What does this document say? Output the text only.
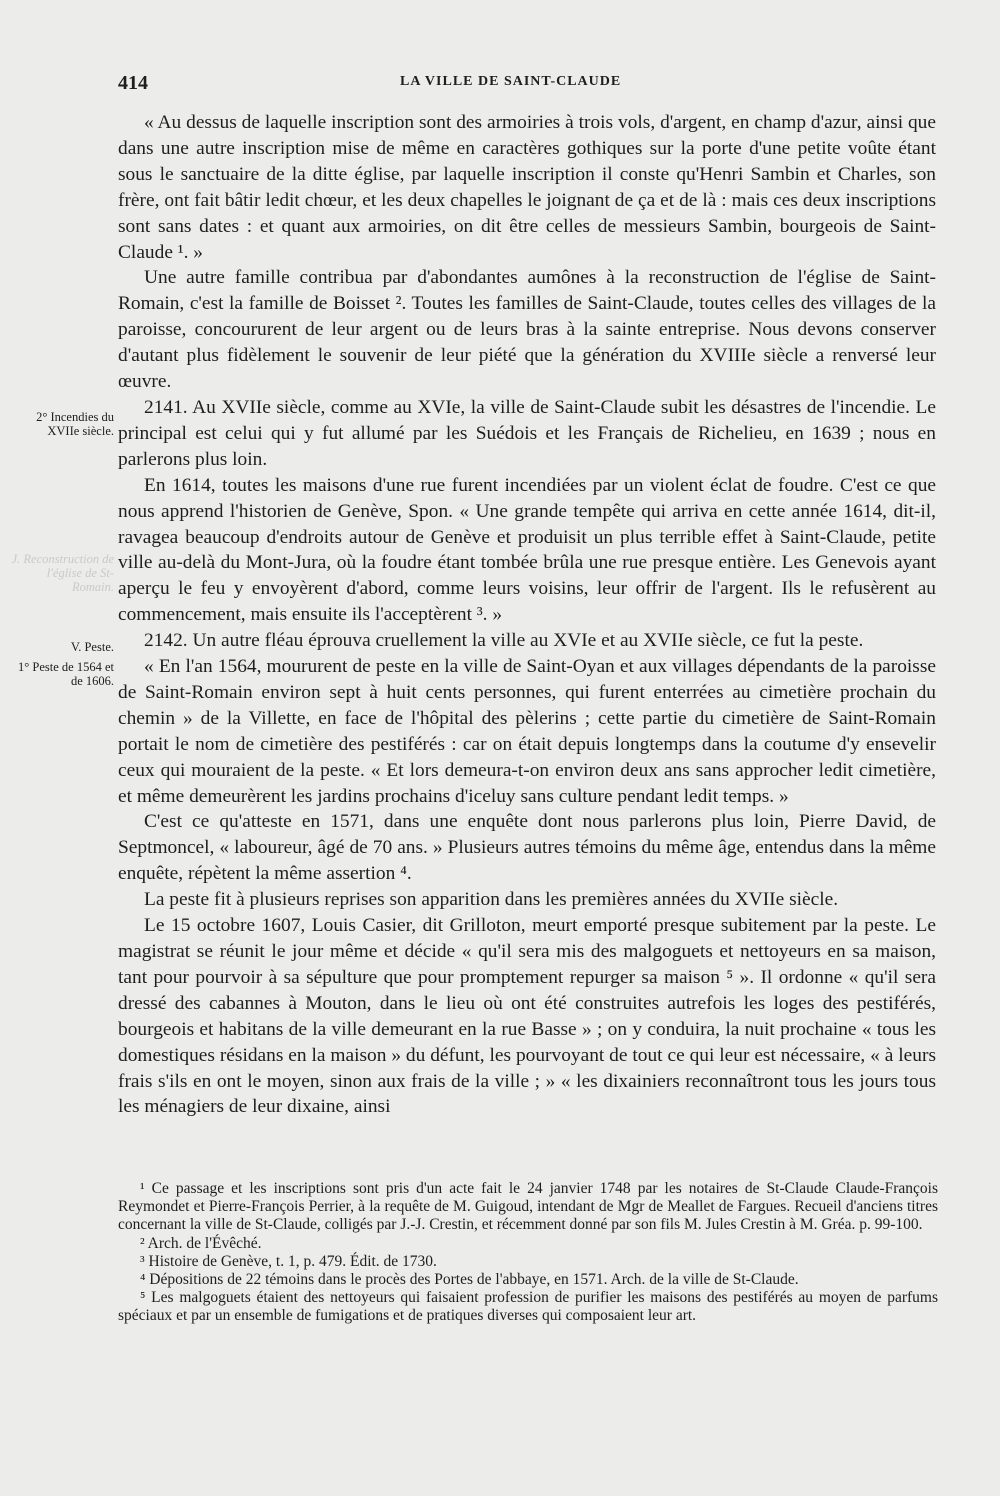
414	LA VILLE DE SAINT-CLAUDE
2° Incendies du XVIIe siècle.
J. Reconstruction de l'église de St-Romain.
V. Peste.
1° Peste de 1564 et de 1606.

« Au dessus de laquelle inscription sont des armoiries à trois vols, d'argent, en champ d'azur, ainsi que dans une autre inscription mise de même en caractères gothiques sur la porte d'une petite voûte étant sous le sanctuaire de la ditte église, par laquelle inscription il conste qu'Henri Sambin et Charles, son frère, ont fait bâtir ledit chœur, et les deux chapelles le joignant de ça et de là : mais ces deux inscriptions sont sans dates : et quant aux armoiries, on dit être celles de messieurs Sambin, bourgeois de Saint-Claude ¹. »

Une autre famille contribua par d'abondantes aumônes à la reconstruction de l'église de Saint-Romain, c'est la famille de Boisset ². Toutes les familles de Saint-Claude, toutes celles des villages de la paroisse, concoururent de leur argent ou de leurs bras à la sainte entreprise. Nous devons conserver d'autant plus fidèlement le souvenir de leur piété que la génération du XVIIIe siècle a renversé leur œuvre.

2141. Au XVIIe siècle, comme au XVIe, la ville de Saint-Claude subit les désastres de l'incendie. Le principal est celui qui y fut allumé par les Suédois et les Français de Richelieu, en 1639 ; nous en parlerons plus loin.

En 1614, toutes les maisons d'une rue furent incendiées par un violent éclat de foudre. C'est ce que nous apprend l'historien de Genève, Spon. « Une grande tempête qui arriva en cette année 1614, dit-il, ravagea beaucoup d'endroits autour de Genève et produisit un plus terrible effet à Saint-Claude, petite ville au-delà du Mont-Jura, où la foudre étant tombée brûla une rue presque entière. Les Genevois ayant aperçu le feu y envoyèrent d'abord, comme leurs voisins, leur offrir de l'argent. Ils le refusèrent au commencement, mais ensuite ils l'acceptèrent ³. »

2142. Un autre fléau éprouva cruellement la ville au XVIe et au XVIIe siècle, ce fut la peste.

« En l'an 1564, moururent de peste en la ville de Saint-Oyan et aux villages dépendants de la paroisse de Saint-Romain environ sept à huit cents personnes, qui furent enterrées au cimetière prochain du chemin » de la Villette, en face de l'hôpital des pèlerins ; cette partie du cimetière de Saint-Romain portait le nom de cimetière des pestiférés : car on était depuis longtemps dans la coutume d'y ensevelir ceux qui mouraient de la peste. « Et lors demeura-t-on environ deux ans sans approcher ledit cimetière, et même demeurèrent les jardins prochains d'iceluy sans culture pendant ledit temps. »

C'est ce qu'atteste en 1571, dans une enquête dont nous parlerons plus loin, Pierre David, de Septmoncel, « laboureur, âgé de 70 ans. » Plusieurs autres témoins du même âge, entendus dans la même enquête, répètent la même assertion ⁴.

La peste fit à plusieurs reprises son apparition dans les premières années du XVIIe siècle.

Le 15 octobre 1607, Louis Casier, dit Grilloton, meurt emporté presque subitement par la peste. Le magistrat se réunit le jour même et décide « qu'il sera mis des malgoguets et nettoyeurs en sa maison, tant pour pourvoir à sa sépulture que pour promptement repurger sa maison ⁵ ». Il ordonne « qu'il sera dressé des cabannes à Mouton, dans le lieu où ont été construites autrefois les loges des pestiférés, bourgeois et habitans de la ville demeurant en la rue Basse » ; on y conduira, la nuit prochaine « tous les domestiques résidans en la maison » du défunt, les pourvoyant de tout ce qui leur est nécessaire, « à leurs frais s'ils en ont le moyen, sinon aux frais de la ville ; » « les dixainiers reconnaîtront tous les jours tous les ménagiers de leur dixaine, ainsi

¹ Ce passage et les inscriptions sont pris d'un acte fait le 24 janvier 1748 par les notaires de St-Claude Claude-François Reymondet et Pierre-François Perrier, à la requête de M. Guigoud, intendant de Mgr de Meallet de Fargues. Recueil d'anciens titres concernant la ville de St-Claude, colligés par J.-J. Crestin, et récemment donné par son fils M. Jules Crestin à M. Gréa. p. 99-100.

² Arch. de l'Évêché.

³ Histoire de Genève, t. 1, p. 479. Édit. de 1730.

⁴ Dépositions de 22 témoins dans le procès des Portes de l'abbaye, en 1571. Arch. de la ville de St-Claude.

⁵ Les malgoguets étaient des nettoyeurs qui faisaient profession de purifier les maisons des pestiférés au moyen de parfums spéciaux et par un ensemble de fumigations et de pratiques diverses qui composaient leur art.
